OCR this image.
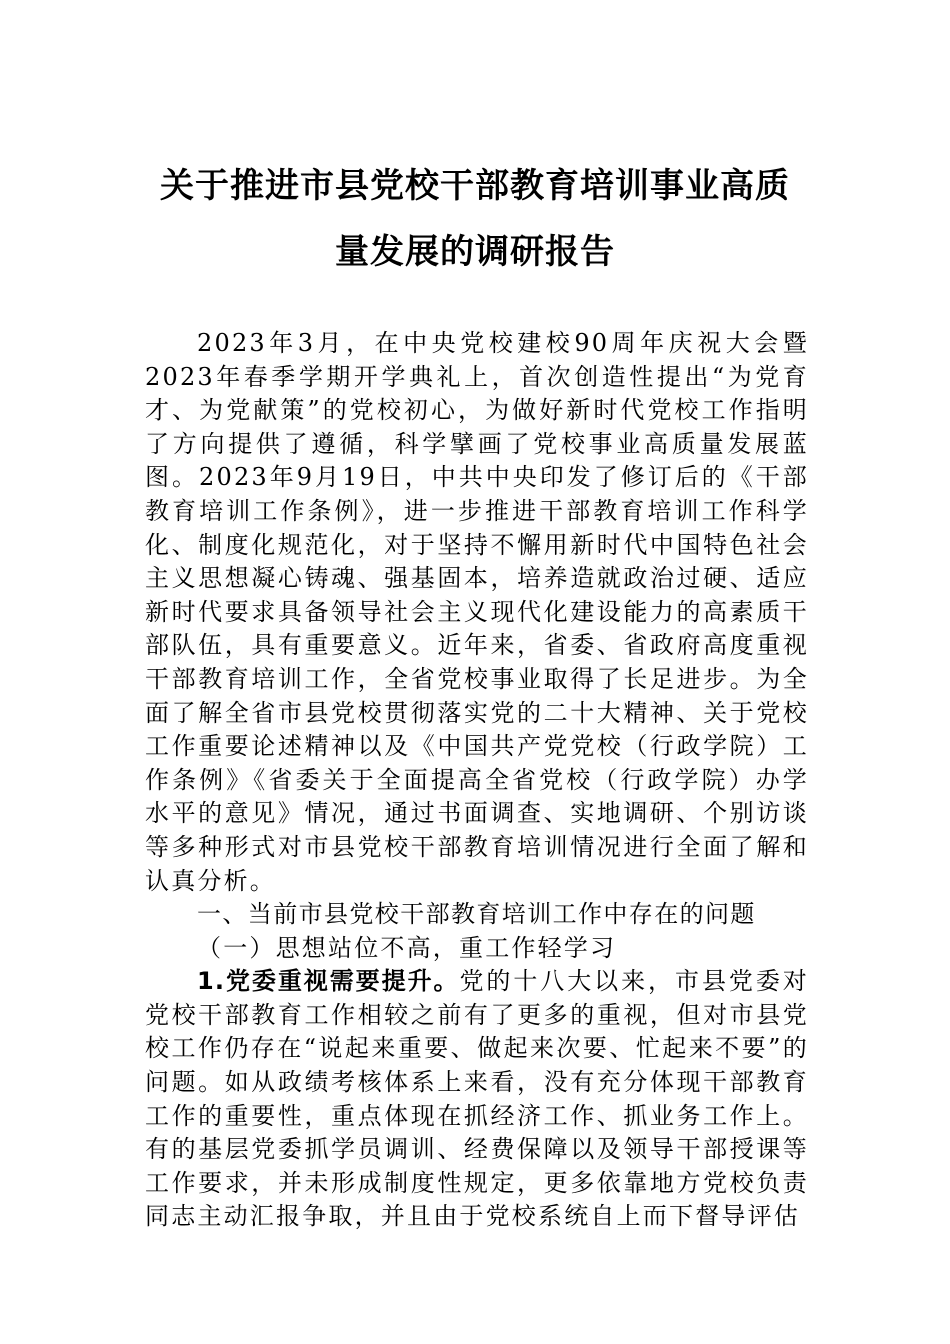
关于推进市县党校干部教育培训事业高质
量发展的调研报告

2023年3月，在中央党校建校90周年庆祝大会暨2023年春季学期开学典礼上，首次创造性提出“为党育才、为党献策”的党校初心，为做好新时代党校工作指明了方向提供了遵循，科学擘画了党校事业高质量发展蓝图。2023年9月19日，中共中央印发了修订后的《干部教育培训工作条例》，进一步推进干部教育培训工作科学化、制度化规范化，对于坚持不懈用新时代中国特色社会主义思想凝心铸魂、强基固本，培养造就政治过硬、适应新时代要求具备领导社会主义现代化建设能力的高素质干部队伍，具有重要意义。近年来，省委、省政府高度重视干部教育培训工作，全省党校事业取得了长足进步。为全面了解全省市县党校贯彻落实党的二十大精神、关于党校工作重要论述精神以及《中国共产党党校（行政学院）工作条例》《省委关于全面提高全省党校（行政学院）办学水平的意见》情况，通过书面调查、实地调研、个别访谈等多种形式对市县党校干部教育培训情况进行全面了解和认真分析。

一、当前市县党校干部教育培训工作中存在的问题

（一）思想站位不高，重工作轻学习

1.党委重视需要提升。党的十八大以来，市县党委对党校干部教育工作相较之前有了更多的重视，但对市县党校工作仍存在“说起来重要、做起来次要、忙起来不要”的问题。如从政绩考核体系上来看，没有充分体现干部教育工作的重要性，重点体现在抓经济工作、抓业务工作上。有的基层党委抓学员调训、经费保障以及领导干部授课等工作要求，并未形成制度性规定，更多依靠地方党校负责同志主动汇报争取，并且由于党校系统自上而下督导评估
